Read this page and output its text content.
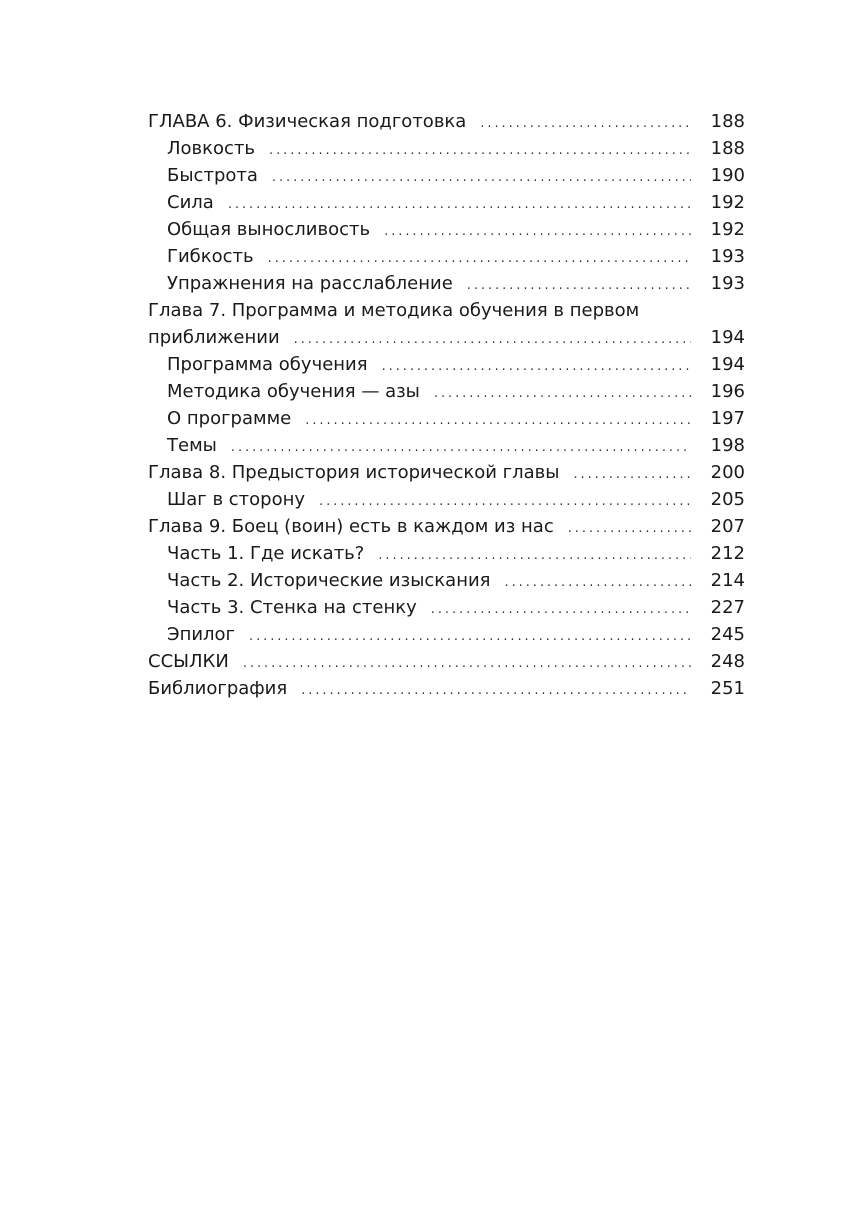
ГЛАВА 6. Физическая подготовка . . .	188
Ловкость . . .	188
Быстрота . . .	190
Сила . . .	192
Общая выносливость . . .	192
Гибкость . . .	193
Упражнения на расслабление . . .	193
Глава 7. Программа и методика обучения в первом
приближении . . .	194
Программа обучения . . .	194
Методика обучения — азы . . .	196
О программе . . .	197
Темы . . .	198
Глава 8. Предыстория исторической главы . . .	200
Шаг в сторону . . .	205
Глава 9. Боец (воин) есть в каждом из нас . . .	207
Часть 1. Где искать? . . .	212
Часть 2. Исторические изыскания . . .	214
Часть 3. Стенка на стенку . . .	227
Эпилог . . .	245
ССЫЛКИ . . .	248
Библиография . . .	251
